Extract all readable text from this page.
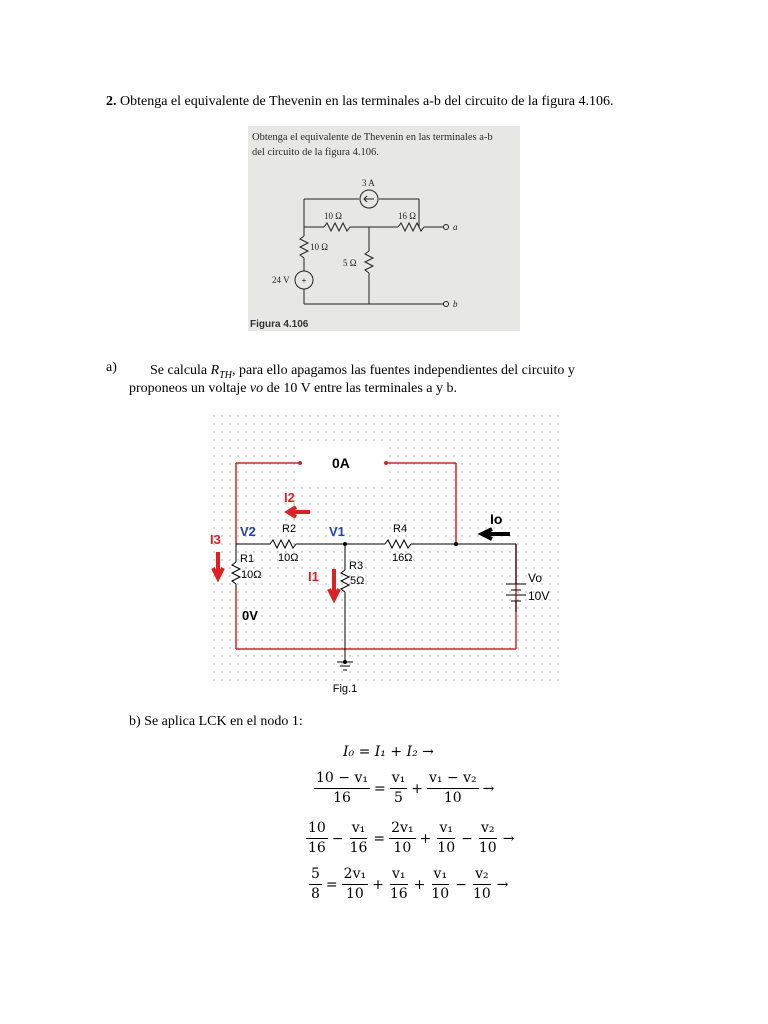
2. Obtenga el equivalente de Thevenin en las terminales a-b del circuito de la figura 4.106.
Obtenga el equivalente de Thevenin en las terminales a-b
del circuito de la figura 4.106.
+
3 A
10 Ω	16 Ω
10 Ω
5 Ω
24 V
a
b
Figura 4.106
a) Se calcula $R_{TH}$, para ello apagamos las fuentes independientes del circuito y
proponeos un voltaje vo de 10 V entre las terminales a y b.
0A
I2
I3
I1
Io
V2	V1
R2
10Ω
R4
16Ω
R1
10Ω
R3
5Ω	Vo
10V
0V
Fig.1
b) Se aplica LCK en el nodo 1:
I₀ = I₁ + I₂ →
$\frac{\text{10 − v₁}}{16} = \frac{\text{v₁}}{5} + \frac{\text{v₁ − v₂}}{10}$ →
$\frac{10}{16} - \frac{\text{v₁}}{16} = \frac{\text{2v₁}}{10} + \frac{\text{v₁}}{10} - \frac{\text{v₂}}{10}$ →
$\frac{5}{8} = \frac{\text{2v₁}}{10} + \frac{\text{v₁}}{16} + \frac{\text{v₁}}{10} - \frac{\text{v₂}}{10}$ →
